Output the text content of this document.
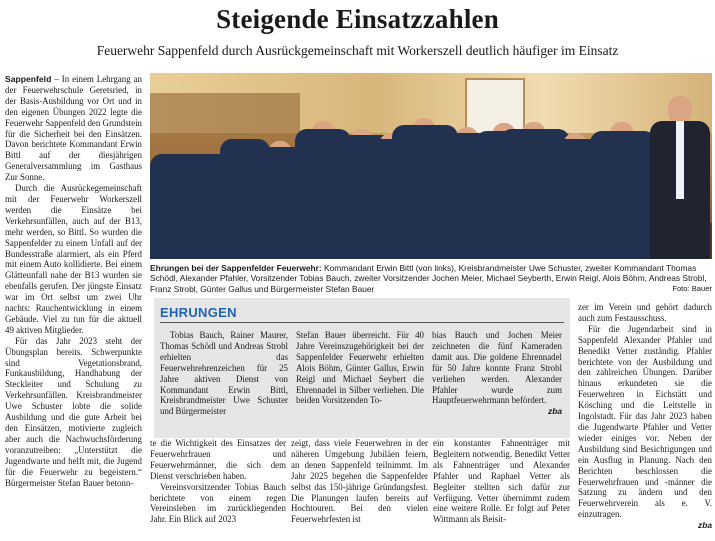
Steigende Einsatzzahlen
Feuerwehr Sappenfeld durch Ausrückgemeinschaft mit Workerszell deutlich häufiger im Einsatz

Sappenfeld – In einem Lehrgang an der Feuerwehrschule Geretsried, in der Basis-Ausbildung vor Ort und in den eigenen Übungen 2022 legte die Feuerwehr Sappenfeld den Grundstein für die Sicherheit bei den Einsätzen. Davon berichtete Kommandant Erwin Bittl auf der diesjährigen Generalversammlung im Gasthaus Zur Sonne.

Durch die Ausrückegemeinschaft mit der Feuerwehr Workerszell werden die Einsätze bei Verkehrsunfällen, auch auf der B13, mehr werden, so Bittl. So wurden die Sappenfelder zu einem Unfall auf der Bundesstraße alarmiert, als ein Pferd mit einem Auto kollidierte. Bei einem Glätteunfall nahe der B13 wurden sie ebenfalls gerufen. Der jüngste Einsatz war im Ort selbst um zwei Uhr nachts: Rauchentwicklung in einem Gebäude. Viel zu tun für die aktuell 49 aktiven Mitglieder.

Für das Jahr 2023 steht der Übungsplan bereits. Schwerpunkte sind Vegetationsbrand, Funkausbildung, Handhabung der Steckleiter und Schulung zu Verkehrsunfällen. Kreisbrandmeister Uwe Schuster lobte die solide Ausbildung und die gute Arbeit bei den Einsätzen, motivierte zugleich aber auch die Nachwuchsförderung voranzutreiben: „Unterstützt die Jugendwarte und helft mit, die Jugend für die Feuerwehr zu begeistern.“ Bürgermeister Stefan Bauer betonn-

Ehrungen bei der Sappenfelder Feuerwehr: Kommandant Erwin Bittl (von links), Kreisbrandmeister Uwe Schuster, zweiter Kommandant Thomas Schödl, Alexander Pfahler, Vorsitzender Tobias Bauch, zweiter Vorsitzender Jochen Meier, Michael Seyberth, Erwin Reigl, Alois Böhm, Andreas Strobl, Franz Strobl, Günter Gallus und Bürgermeister Stefan Bauer	Foto: Bauer
EHRUNGEN

Tobias Bauch, Rainer Maurer, Thomas Schödl und Andreas Strobl erhielten das Feuerwehrehrenzeichen für 25 Jahre aktiven Dienst von Kommandant Erwin Bittl, Kreisbrandmeister Uwe Schuster und Bürgermeister

Stefan Bauer überreicht. Für 40 Jahre Vereinszugehörigkeit bei der Sappenfelder Feuerwehr erhielten Alois Böhm, Günter Gallus, Erwin Reigl und Michael Seybert die Ehrennadel in Silber verliehen. Die beiden Vorsitzenden To-

bias Bauch und Jochen Meier zeichneten die fünf Kameraden damit aus. Die goldene Ehrennadel für 50 Jahre konnte Franz Strobl verliehen werden. Alexander Pfahler wurde zum Hauptfeuerwehrmann befördert.

zba

te die Wichtigkeit des Einsatzes der Feuerwehrfrauen und Feuerwehrmänner, die sich dem Dienst verschrieben haben.

Vereinsvorsitzender Tobias Bauch berichtete von einem regen Vereinsleben im zurückliegenden Jahr. Ein Blick auf 2023

zeigt, dass viele Feuerwehren in der näheren Umgebung Jubiläen feiern, an denen Sappenfeld teilnimmt. Im Jahr 2025 begehen die Sappenfelder selbst das 150-jährige Gründungsfest. Die Planungen laufen bereits auf Hochtouren. Bei den vielen Feuerwehrfesten ist

ein konstanter Fahnenträger mit Begleitern notwendig. Benedikt Vetter als Fahnenträger und Alexander Pfahler und Raphael Vetter als Begleiter stellten sich dafür zur Verfügung. Vetter übernimmt zudem eine weitere Rolle. Er folgt auf Peter Wittmann als Beisit-

zer im Verein und gehört dadurch auch zum Festausschuss.

Für die Jugendarbeit sind in Sappenfeld Alexander Pfahler und Benedikt Vetter zuständig. Pfahler berichtete von der Ausbildung und den zahlreichen Übungen. Darüber hinaus erkundeten sie die Feuerwehren in Eichstätt und Kösching und die Leitstelle in Ingolstadt. Für das Jahr 2023 haben die Jugendwarte Pfahler und Vetter wieder einiges vor. Neben der Ausbildung sind Besichtigungen und ein Ausflug in Planung. Nach den Berichten beschlossen die Feuerwehrfrauen und -männer die Satzung zu ändern und den Feuerwehrverein als e. V. einzutragen.

zba
